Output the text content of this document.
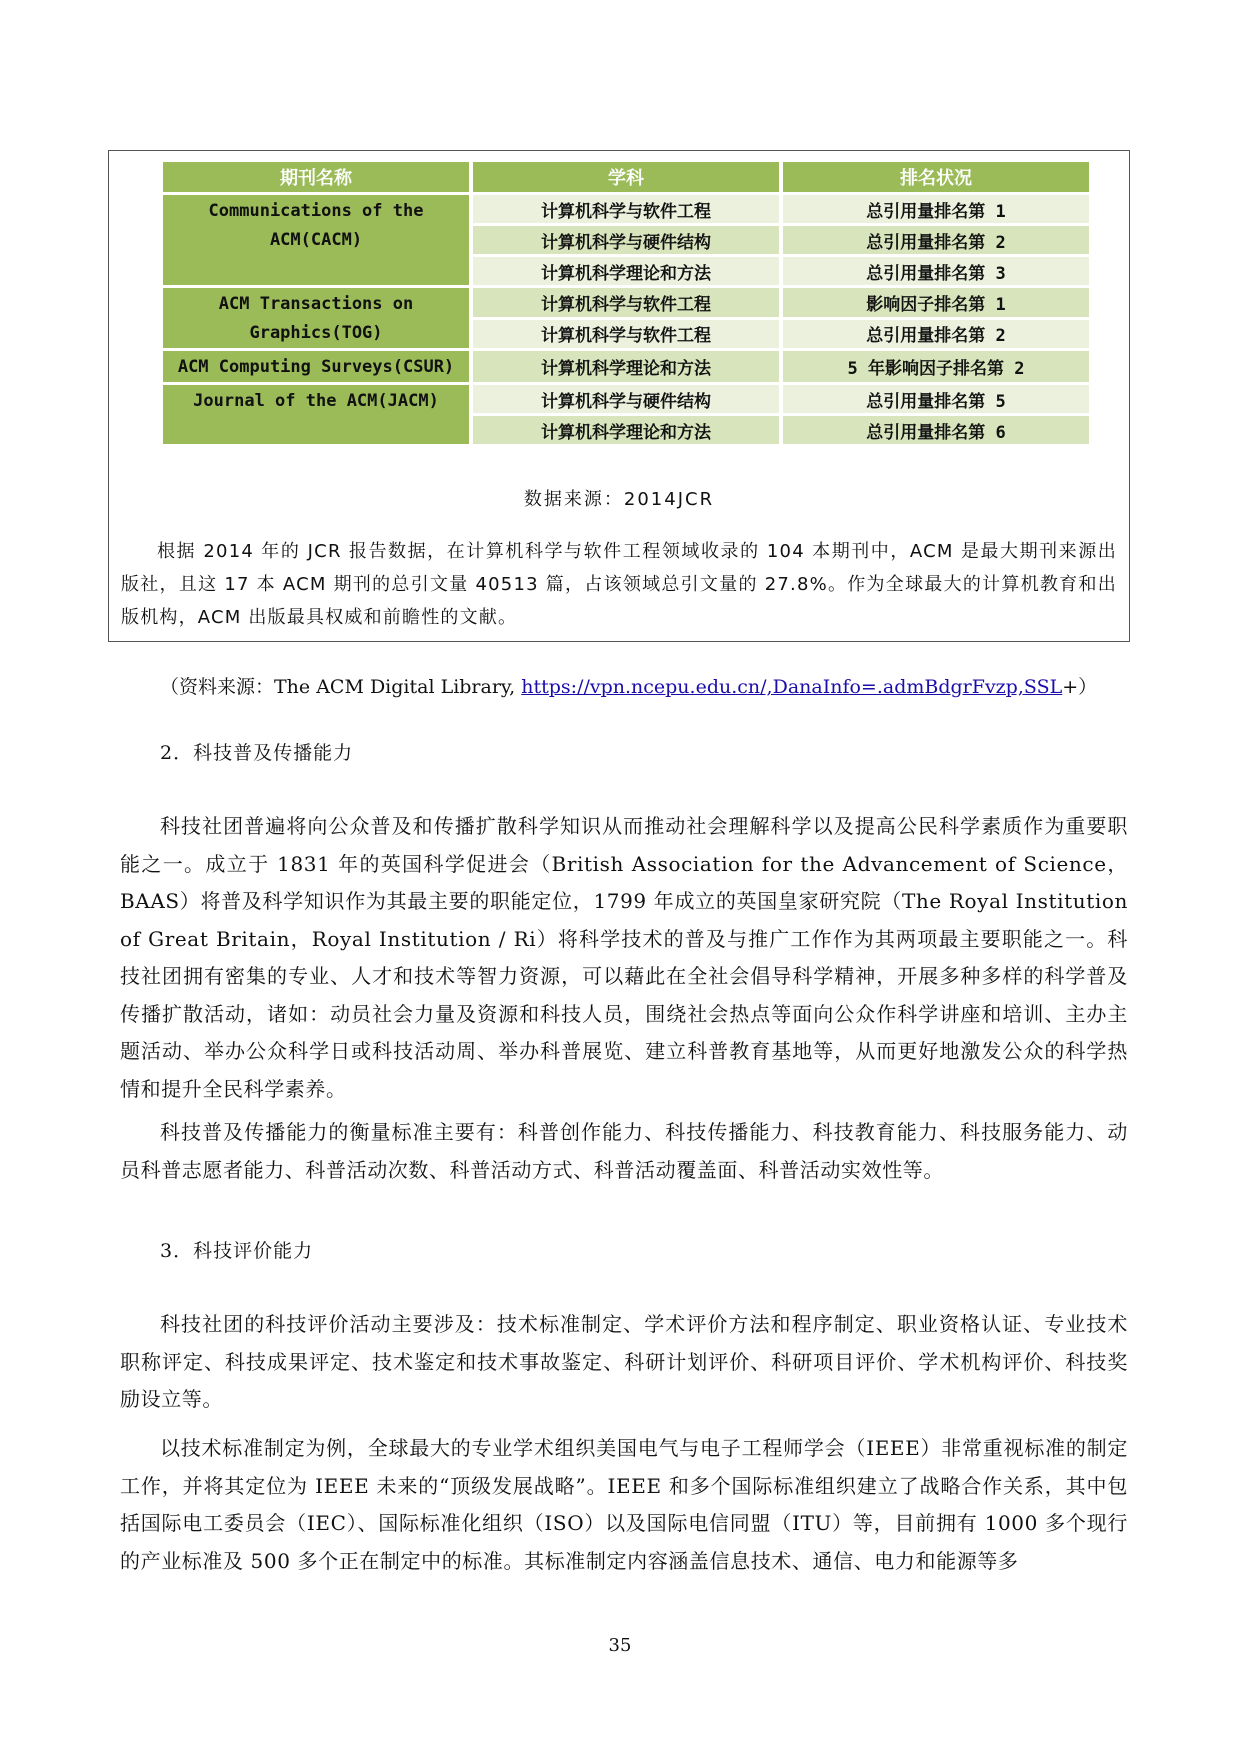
期刊名称	学科	排名状况

Communications of the
ACM(CACM)	计算机科学与软件工程	总引用量排名第 1
	计算机科学与硬件结构	总引用量排名第 2
	计算机科学理论和方法	总引用量排名第 3

ACM Transactions on
Graphics(TOG)	计算机科学与软件工程	影响因子排名第 1
	计算机科学与软件工程	总引用量排名第 2

ACM Computing Surveys(CSUR)	计算机科学理论和方法	5 年影响因子排名第 2

Journal of the ACM(JACM)	计算机科学与硬件结构	总引用量排名第 5
	计算机科学理论和方法	总引用量排名第 6
数据来源：2014JCR
根据 2014 年的 JCR 报告数据，在计算机科学与软件工程领域收录的 104 本期刊中，ACM 是最大期刊来源出版社，且这 17 本 ACM 期刊的总引文量 40513 篇，占该领域总引文量的 27.8%。作为全球最大的计算机教育和出版机构，ACM 出版最具权威和前瞻性的文献。
（资料来源：The ACM Digital Library, https://vpn.ncepu.edu.cn/,DanaInfo=.admBdgrFvzp,SSL+）
2．科技普及传播能力
科技社团普遍将向公众普及和传播扩散科学知识从而推动社会理解科学以及提高公民科学素质作为重要职能之一。成立于 1831 年的英国科学促进会（British Association for the Advancement of Science，BAAS）将普及科学知识作为其最主要的职能定位，1799 年成立的英国皇家研究院（The Royal Institution of Great Britain，Royal Institution / Ri）将科学技术的普及与推广工作作为其两项最主要职能之一。科技社团拥有密集的专业、人才和技术等智力资源，可以藉此在全社会倡导科学精神，开展多种多样的科学普及传播扩散活动，诸如：动员社会力量及资源和科技人员，围绕社会热点等面向公众作科学讲座和培训、主办主题活动、举办公众科学日或科技活动周、举办科普展览、建立科普教育基地等，从而更好地激发公众的科学热情和提升全民科学素养。
科技普及传播能力的衡量标准主要有：科普创作能力、科技传播能力、科技教育能力、科技服务能力、动员科普志愿者能力、科普活动次数、科普活动方式、科普活动覆盖面、科普活动实效性等。
3．科技评价能力
科技社团的科技评价活动主要涉及：技术标准制定、学术评价方法和程序制定、职业资格认证、专业技术职称评定、科技成果评定、技术鉴定和技术事故鉴定、科研计划评价、科研项目评价、学术机构评价、科技奖励设立等。
以技术标准制定为例，全球最大的专业学术组织美国电气与电子工程师学会（IEEE）非常重视标准的制定工作，并将其定位为 IEEE 未来的“顶级发展战略”。IEEE 和多个国际标准组织建立了战略合作关系，其中包括国际电工委员会（IEC）、国际标准化组织（ISO）以及国际电信同盟（ITU）等，目前拥有 1000 多个现行的产业标准及 500 多个正在制定中的标准。其标准制定内容涵盖信息技术、通信、电力和能源等多
35
